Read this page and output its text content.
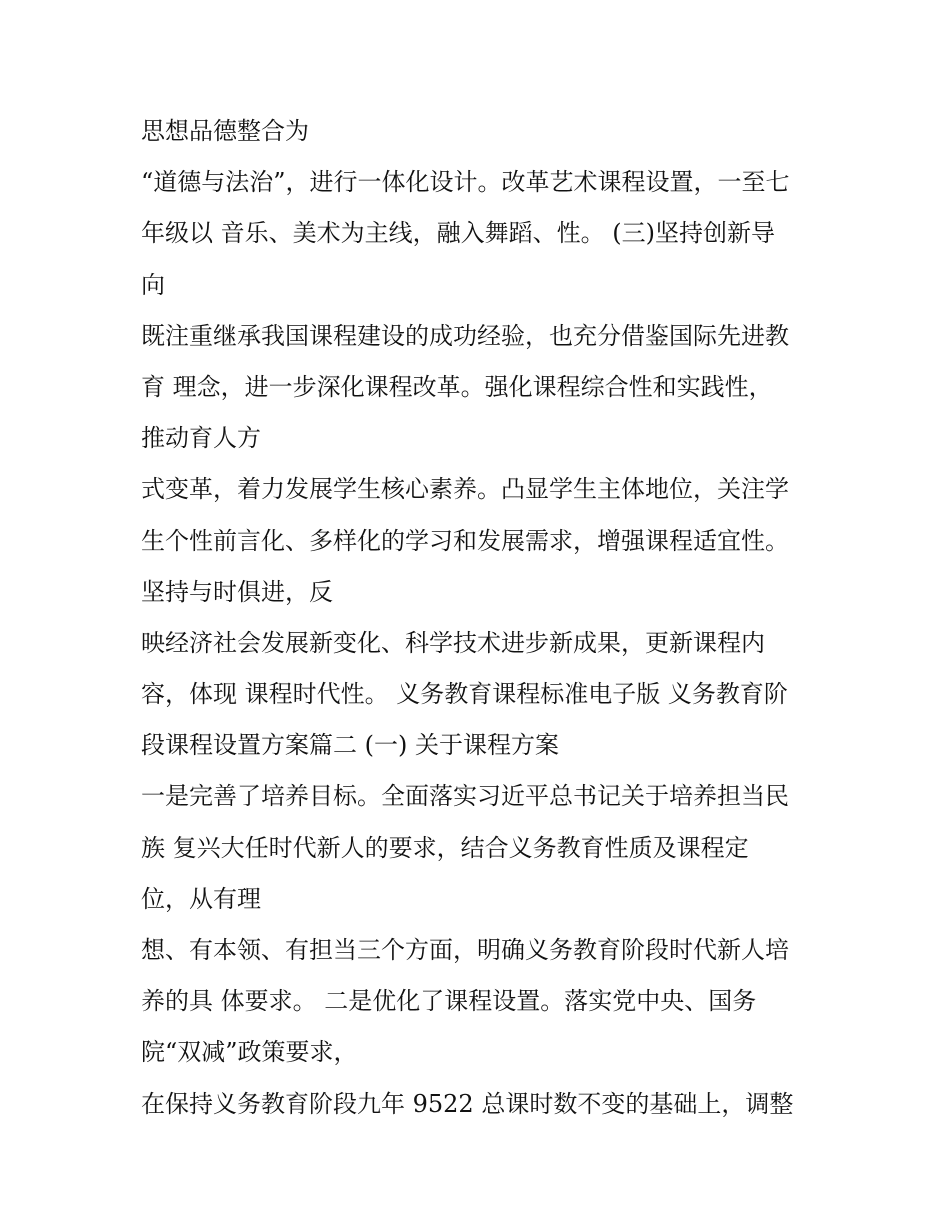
思想品德整合为
“道德与法治”，进行一体化设计。改革艺术课程设置，一至七
年级以 音乐、美术为主线，融入舞蹈、性。 (三)坚持创新导
向
既注重继承我国课程建设的成功经验，也充分借鉴国际先进教
育 理念，进一步深化课程改革。强化课程综合性和实践性，
推动育人方
式变革，着力发展学生核心素养。凸显学生主体地位，关注学
生个性前言化、多样化的学习和发展需求，增强课程适宜性。
坚持与时俱进，反
映经济社会发展新变化、科学技术进步新成果，更新课程内
容，体现 课程时代性。 义务教育课程标准电子版 义务教育阶
段课程设置方案篇二 (一) 关于课程方案
一是完善了培养目标。全面落实习近平总书记关于培养担当民
族 复兴大任时代新人的要求，结合义务教育性质及课程定
位，从有理
想、有本领、有担当三个方面，明确义务教育阶段时代新人培
养的具 体要求。 二是优化了课程设置。落实党中央、国务
院“双减”政策要求，
在保持义务教育阶段九年 9522 总课时数不变的基础上，调整
